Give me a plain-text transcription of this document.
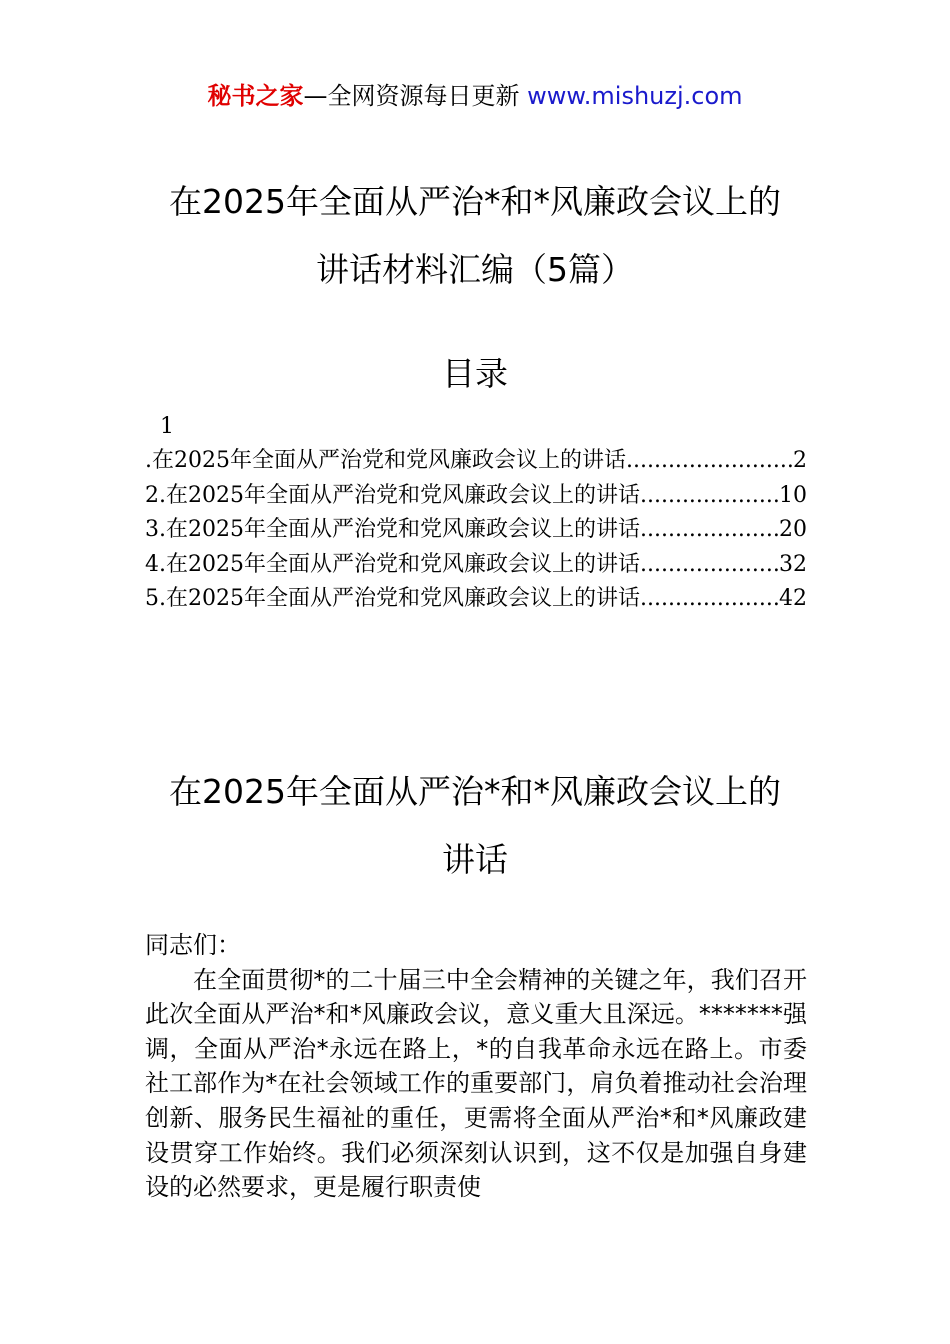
秘书之家—全网资源每日更新 www.mishuzj.com
在2025年全面从严治*和*风廉政会议上的
讲话材料汇编（5篇）
目录
1
.在2025年全面从严治党和党风廉政会议上的讲话 .....	2
2.在2025年全面从严治党和党风廉政会议上的讲话 .....	10
3.在2025年全面从严治党和党风廉政会议上的讲话 .....	20
4.在2025年全面从严治党和党风廉政会议上的讲话 .....	32
5.在2025年全面从严治党和党风廉政会议上的讲话 .....	42
在2025年全面从严治*和*风廉政会议上的
讲话
同志们：
在全面贯彻*的二十届三中全会精神的关键之年，我们召开此次全面从严治*和*风廉政会议，意义重大且深远。*******强调，全面从严治*永远在路上，*的自我革命永远在路上。市委社工部作为*在社会领域工作的重要部门，肩负着推动社会治理创新、服务民生福祉的重任，更需将全面从严治*和*风廉政建设贯穿工作始终。我们必须深刻认识到，这不仅是加强自身建设的必然要求，更是履行职责使
